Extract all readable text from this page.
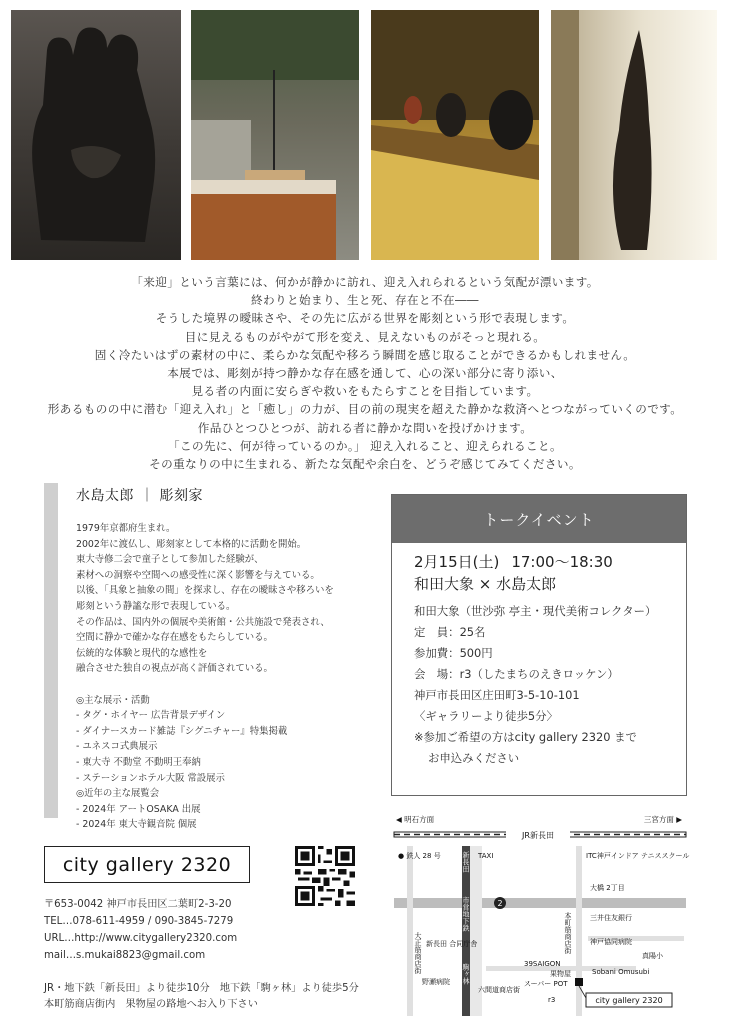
「来迎」という言葉には、何かが静かに訪れ、迎え入れられるという気配が漂います。
終わりと始まり、生と死、存在と不在――
そうした境界の曖昧さや、その先に広がる世界を彫刻という形で表現します。
目に見えるものがやがて形を変え、見えないものがそっと現れる。
固く冷たいはずの素材の中に、柔らかな気配や移ろう瞬間を感じ取ることができるかもしれません。
本展では、彫刻が持つ静かな存在感を通して、心の深い部分に寄り添い、
見る者の内面に安らぎや救いをもたらすことを目指しています。
形あるものの中に潜む「迎え入れ」と「癒し」の力が、目の前の現実を超えた静かな救済へとつながっていくのです。
作品ひとつひとつが、訪れる者に静かな問いを投げかけます。
「この先に、何が待っているのか。」 迎え入れること、迎えられること。
その重なりの中に生まれる、新たな気配や余白を、どうぞ感じてみてください。
水島太郎 ｜ 彫刻家
1979年京都府生まれ。
2002年に渡仏し、彫刻家として本格的に活動を開始。
東大寺修二会で童子として参加した経験が、
素材への洞察や空間への感受性に深く影響を与えている。
以後、「具象と抽象の間」を探求し、存在の曖昧さや移ろいを
彫刻という静謐な形で表現している。
その作品は、国内外の個展や美術館・公共施設で発表され、
空間に静かで確かな存在感をもたらしている。
伝統的な体験と現代的な感性を
融合させた独自の視点が高く評価されている。
◎主な展示・活動
- タグ・ホイヤー 広告背景デザイン
- ダイナースカード雑誌『シグニチャー』特集掲載
- ユネスコ式典展示
- 東大寺 不動堂 不動明王奉納
- ステーションホテル大阪 常設展示
◎近年の主な展覧会
- 2024年 アートOSAKA 出展
- 2024年 東大寺観音院 個展
トークイベント
2月15日(土) 17:00〜18:30
和田大象 × 水島太郎
和田大象（世沙弥 亭主・現代美術コレクター）
定　員：25名
参加費：500円
会　場：r3（したまちのえきロッケン）
神戸市長田区庄田町3-5-10-101
〈ギャラリーより徒歩5分〉
※参加ご希望の方はcity gallery 2320 まで
お申込みください
city gallery 2320
〒653-0042 神戸市長田区二葉町2-3-20
TEL…078-611-4959 / 090-3845-7279
URL…http://www.citygallery2320.com
mail…s.mukai8823@gmail.com
JR・地下鉄「新長田」より徒歩10分　地下鉄「駒ヶ林」より徒歩5分
本町筋商店街内　果物屋の路地へお入り下さい
JR新長田
◀ 明石方面	三宮方面 ▶
2
新長田
市営地下鉄
駒ヶ林
● 鉄人 28 号	TAXI	ITC神戸インドア テニススクール
大橋 2丁目
三井住友銀行
神戸協同病院
大正筋商店街 新長田 合同庁舎	本町筋商店街
真陽小
39SAIGON
果物屋	Sobani Omusubi
スーパー POT
野瀬病院
六間道商店街
r3	city gallery 2320
